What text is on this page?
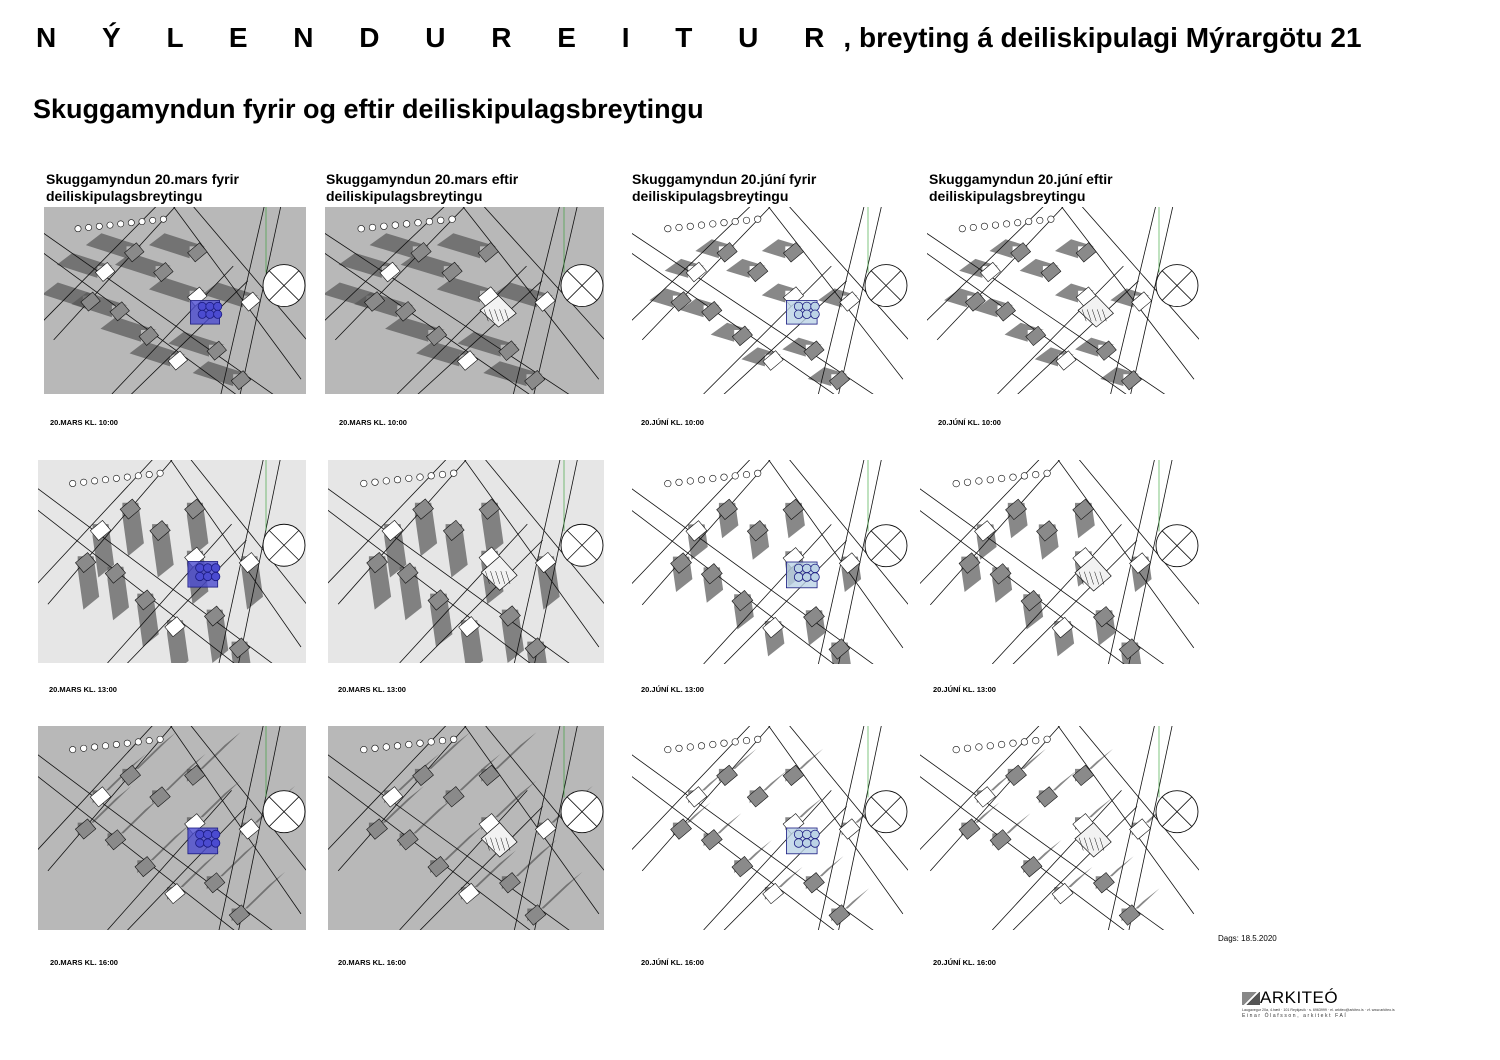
N Ý L E N D U R E I T U R, breyting á deiliskipulagi Mýrargötu 21
Skuggamyndun fyrir og eftir deiliskipulagsbreytingu
Skuggamyndun 20.mars fyrir deiliskipulagsbreytingu
Skuggamyndun 20.mars eftir deiliskipulagsbreytingu
Skuggamyndun 20.júní fyrir deiliskipulagsbreytingu
Skuggamyndun 20.júní eftir deiliskipulagsbreytingu
20.MARS KL. 10:00	20.MARS KL. 10:00	20.JÚNÍ KL. 10:00	20.JÚNÍ KL. 10:00
20.MARS KL. 13:00	20.MARS KL. 13:00	20.JÚNÍ KL. 13:00	20.JÚNÍ KL. 13:00
20.MARS KL. 16:00	20.MARS KL. 16:00	20.JÚNÍ KL. 16:00	20.JÚNÍ KL. 16:00
Dags: 18.5.2020
ARKITEÓ
Laugavegur 20a, 4.hæð · 101 Reykjavík · s. 6963999 · el. arkiteo@arkiteo.is · vf. www.arkiteo.is
Einar Ólafsson, arkitekt FAÍ
